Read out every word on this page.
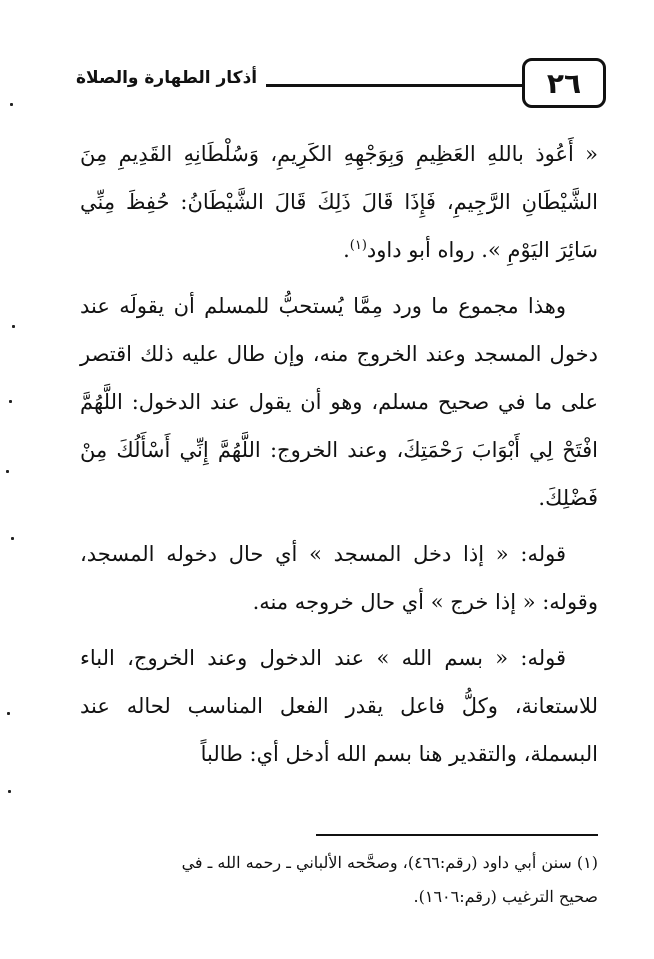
٢٦
أذكار الطهارة والصلاة

« أَعُوذ باللهِ العَظِيمِ وَبِوَجْهِهِ الكَرِيمِ، وَسُلْطَانِهِ القَدِيمِ مِنَ الشَّيْطَانِ الرَّجِيمِ، فَإِذَا قَالَ ذَلِكَ قَالَ الشَّيْطَانُ: حُفِظَ مِنِّي سَائِرَ اليَوْمِ ». رواه أبو داود$^{(١)}$.

وهذا مجموع ما ورد مِمَّا يُستحبُّ للمسلم أن يقولَه عند دخول المسجد وعند الخروج منه، وإن طال عليه ذلك اقتصر على ما في صحيح مسلم، وهو أن يقول عند الدخول: اللَّهُمَّ افْتَحْ لِي أَبْوَابَ رَحْمَتِكَ، وعند الخروج: اللَّهُمَّ إِنِّي أَسْأَلُكَ مِنْ فَضْلِكَ.

قوله: « إذا دخل المسجد » أي حال دخوله المسجد، وقوله: « إذا خرج » أي حال خروجه منه.

قوله: « بسم الله » عند الدخول وعند الخروج، الباء للاستعانة، وكلُّ فاعل يقدر الفعل المناسب لحاله عند البسملة، والتقدير هنا بسم الله أدخل أي: طالباً

(١) سنن أبي داود (رقم:٤٦٦)، وصحَّحه الألباني ـ رحمه الله ـ في

صحيح الترغيب (رقم:١٦٠٦).
